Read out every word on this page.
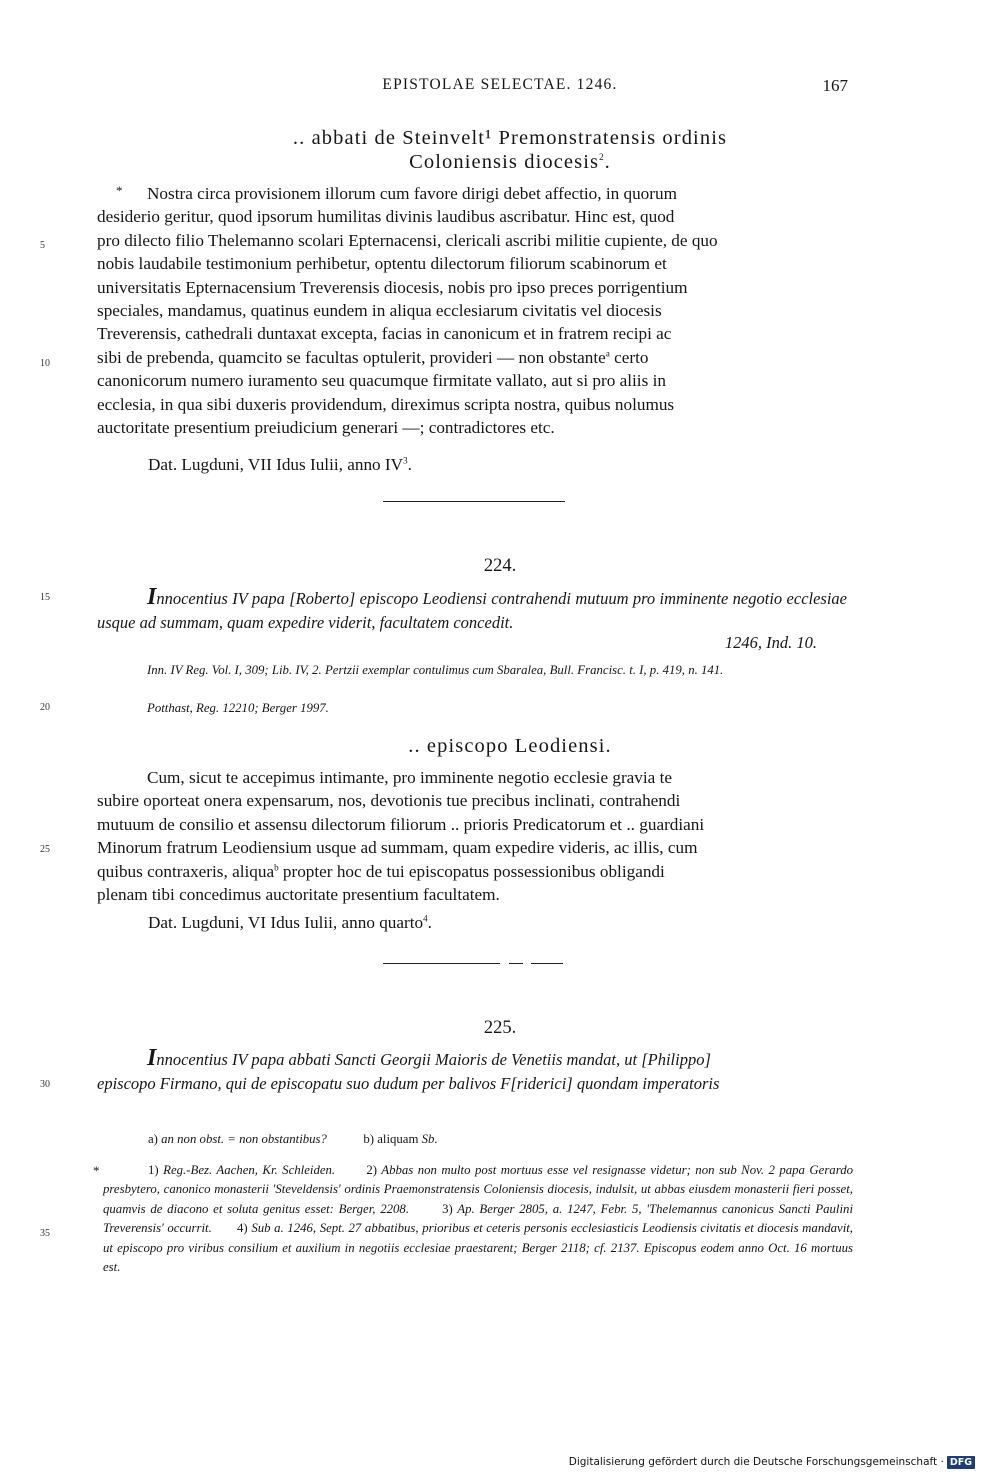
EPISTOLAE SELECTAE. 1246.	167
.. abbati de Steinvelt¹ Premonstratensis ordinis
Coloniensis diocesis$^2$.
*	Nostra circa provisionem illorum cum favore dirigi debet affectio, in quorum
desiderio geritur, quod ipsorum humilitas divinis laudibus ascribatur. Hinc est, quod
pro dilecto filio Thelemanno scolari Epternacensi, clericali ascribi militie cupiente, de quo
nobis laudabile testimonium perhibetur, optentu dilectorum filiorum scabinorum et
universitatis Epternacensium Treverensis diocesis, nobis pro ipso preces porrigentium
speciales, mandamus, quatinus eundem in aliqua ecclesiarum civitatis vel diocesis
Treverensis, cathedrali duntaxat excepta, facias in canonicum et in fratrem recipi ac
sibi de prebenda, quamcito se facultas optulerit, provideri — non obstante$^a$ certo
canonicorum numero iuramento seu quacumque firmitate vallato, aut si pro aliis in
ecclesia, in qua sibi duxeris providendum, direximus scripta nostra, quibus nolumus
auctoritate presentium preiudicium generari —; contradictores etc.
Dat. Lugduni, VII Idus Iulii, anno IV$^3$.
224.
Innocentius IV papa [Roberto] episcopo Leodiensi contrahendi mutuum pro imminente negotio ecclesiae usque ad summam, quam expedire viderit, facultatem concedit.
1246, Ind. 10.
Inn. IV Reg. Vol. I, 309; Lib. IV, 2. Pertzii exemplar contulimus cum Sbaralea, Bull. Francisc. t. I, p. 419, n. 141.
Potthast, Reg. 12210; Berger 1997.
.. episcopo Leodiensi.
Cum, sicut te accepimus intimante, pro imminente negotio ecclesie gravia te
subire oporteat onera expensarum, nos, devotionis tue precibus inclinati, contrahendi
mutuum de consilio et assensu dilectorum filiorum .. prioris Predicatorum et .. guardiani
Minorum fratrum Leodiensium usque ad summam, quam expedire videris, ac illis, cum
quibus contraxeris, aliqua$^b$ propter hoc de tui episcopatus possessionibus obligandi
plenam tibi concedimus auctoritate presentium facultatem.
Dat. Lugduni, VI Idus Iulii, anno quarto$^4$.
225.
Innocentius IV papa abbati Sancti Georgii Maioris de Venetiis mandat, ut [Philippo]
episcopo Firmano, qui de episcopatu suo dudum per balivos F[riderici] quondam imperatoris
a) an non obst. = non obstantibus?	b) aliquam Sb.
*	1) Reg.-Bez. Aachen, Kr. Schleiden. 2) Abbas non multo post mortuus esse vel resignasse videtur; non sub Nov. 2 papa Gerardo presbytero, canonico monasterii 'Steveldensis' ordinis Praemonstratensis Coloniensis diocesis, indulsit, ut abbas eiusdem monasterii fieri posset, quamvis de diacono et soluta genitus esset: Berger, 2208.	3) Ap. Berger 2805, a. 1247, Febr. 5, 'Thelemannus canonicus Sancti Paulini Treverensis' occurrit. 4) Sub a. 1246, Sept. 27 abbatibus, prioribus et ceteris personis ecclesiasticis Leodiensis civitatis et diocesis mandavit, ut episcopo pro viribus consilium et auxilium in negotiis ecclesiae praestarent; Berger 2118; cf. 2137. Episcopus eodem anno Oct. 16 mortuus est.
5
10
15
20
25
30
35
Digitalisierung gefördert durch die Deutsche Forschungsgemeinschaft · DFG
